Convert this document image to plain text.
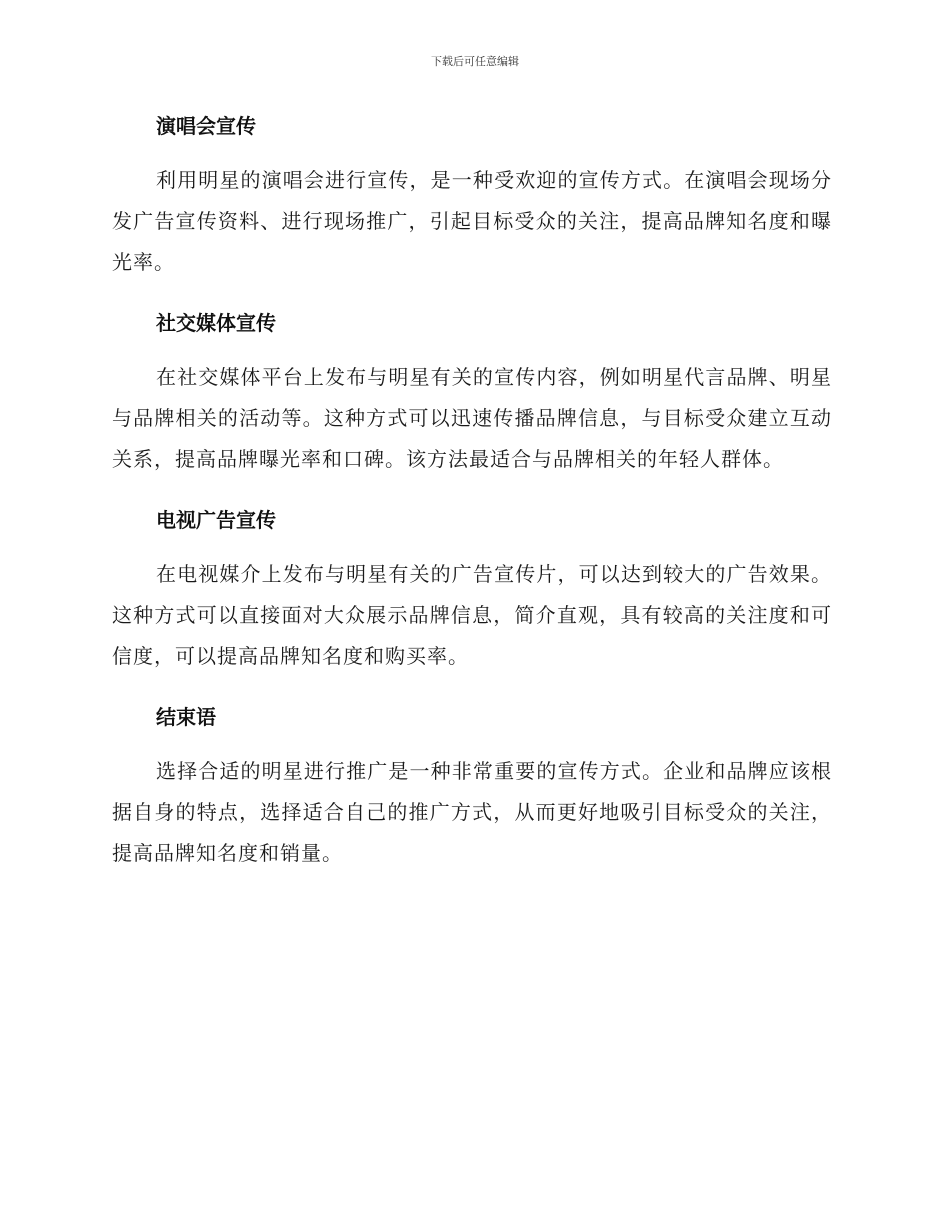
下载后可任意编辑
演唱会宣传

利用明星的演唱会进行宣传，是一种受欢迎的宣传方式。在演唱会现场分发广告宣传资料、进行现场推广，引起目标受众的关注，提高品牌知名度和曝光率。

社交媒体宣传

在社交媒体平台上发布与明星有关的宣传内容，例如明星代言品牌、明星与品牌相关的活动等。这种方式可以迅速传播品牌信息，与目标受众建立互动关系，提高品牌曝光率和口碑。该方法最适合与品牌相关的年轻人群体。

电视广告宣传

在电视媒介上发布与明星有关的广告宣传片，可以达到较大的广告效果。这种方式可以直接面对大众展示品牌信息，简介直观，具有较高的关注度和可信度，可以提高品牌知名度和购买率。

结束语

选择合适的明星进行推广是一种非常重要的宣传方式。企业和品牌应该根据自身的特点，选择适合自己的推广方式，从而更好地吸引目标受众的关注，提高品牌知名度和销量。
